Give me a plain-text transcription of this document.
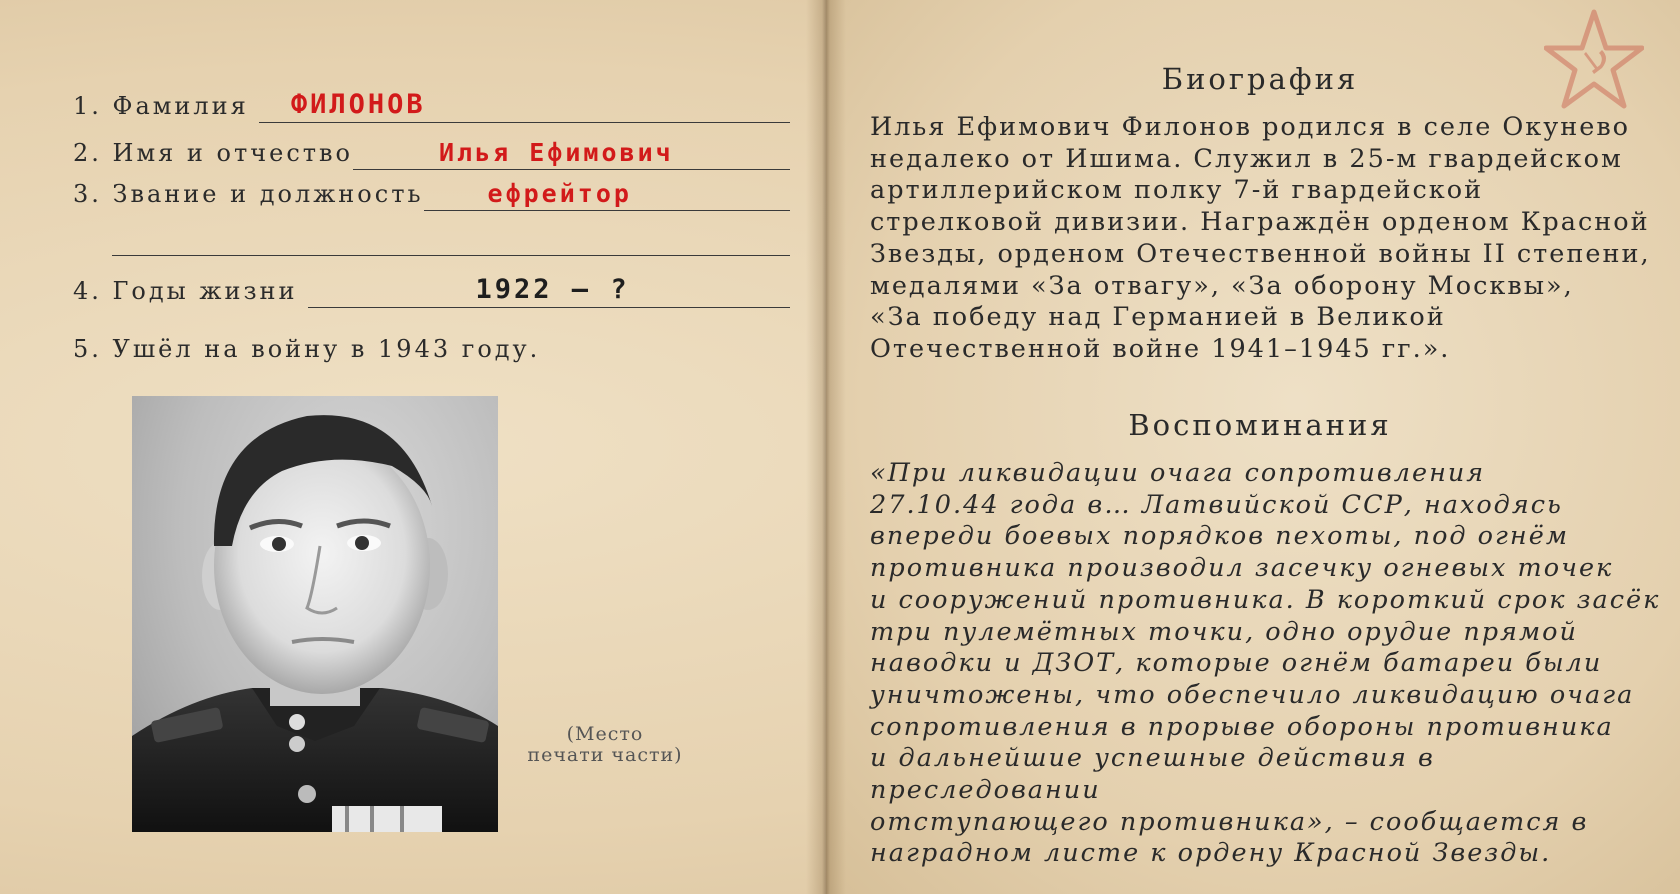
1. Фамилия ФИЛОНОВ
2. Имя и отчество	Илья Ефимович
3. Звание и должность	ефрейтор
4. Годы жизни	1922 — ?
5. Ушёл на войну в 1943 году.
(Место
печати части)
Биография
Илья Ефимович Филонов родился в селе Окунево
недалеко от Ишима. Служил в 25-м гвардейском
артиллерийском полку 7-й гвардейской
стрелковой дивизии. Награждён орденом Красной
Звезды, орденом Отечественной войны II степени,
медалями «За отвагу», «За оборону Москвы»,
«За победу над Германией в Великой
Отечественной войне 1941–1945 гг.».
Воспоминания
«При ликвидации очага сопротивления
27.10.44 года в… Латвийской ССР, находясь
впереди боевых порядков пехоты, под огнём
противника производил засечку огневых точек
и сооружений противника. В короткий срок засёк
три пулемётных точки, одно орудие прямой
наводки и ДЗОТ, которые огнём батареи были
уничтожены, что обеспечило ликвидацию очага
сопротивления в прорыве обороны противника
и дальнейшие успешные действия в преследовании
отступающего противника», – сообщается в
наградном листе к ордену Красной Звезды.
